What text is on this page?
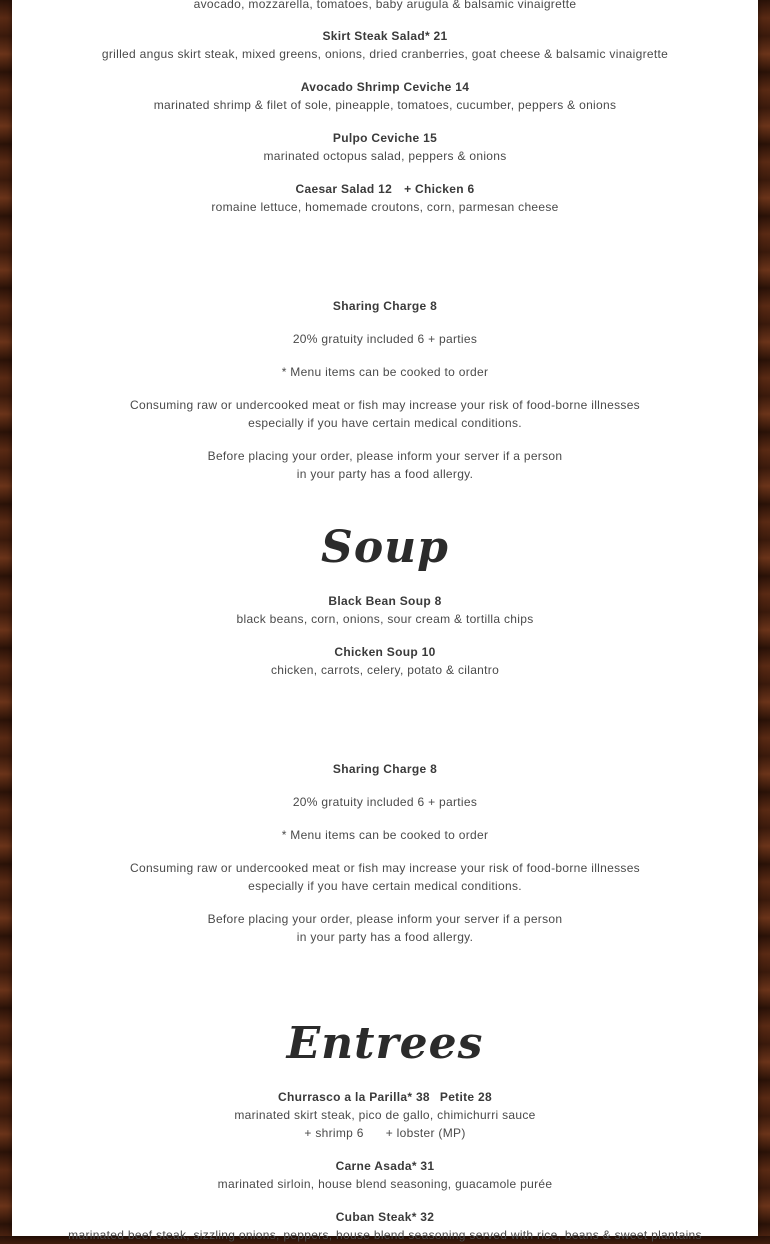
avocado, mozzarella, tomatoes, baby arugula & balsamic vinaigrette
Skirt Steak Salad* 21
grilled angus skirt steak, mixed greens, onions, dried cranberries, goat cheese & balsamic vinaigrette
Avocado Shrimp Ceviche 14
marinated shrimp & filet of sole, pineapple, tomatoes, cucumber, peppers & onions
Pulpo Ceviche 15
marinated octopus salad, peppers & onions
Caesar Salad 12 + Chicken 6
romaine lettuce, homemade croutons, corn, parmesan cheese
Sharing Charge 8
20% gratuity included 6 + parties
* Menu items can be cooked to order
Consuming raw or undercooked meat or fish may increase your risk of food-borne illnesses
especially if you have certain medical conditions.
Before placing your order, please inform your server if a person
in your party has a food allergy.
Soup
Black Bean Soup 8
black beans, corn, onions, sour cream & tortilla chips
Chicken Soup 10
chicken, carrots, celery, potato & cilantro
Sharing Charge 8
20% gratuity included 6 + parties
* Menu items can be cooked to order
Consuming raw or undercooked meat or fish may increase your risk of food-borne illnesses
especially if you have certain medical conditions.
Before placing your order, please inform your server if a person
in your party has a food allergy.
Entrees
Churrasco a la Parilla* 38 Petite 28
marinated skirt steak, pico de gallo, chimichurri sauce
+ shrimp 6 + lobster (MP)
Carne Asada* 31
marinated sirloin, house blend seasoning, guacamole purée
Cuban Steak* 32
marinated beef steak, sizzling onions, peppers, house blend seasoning served with rice, beans & sweet plantains
